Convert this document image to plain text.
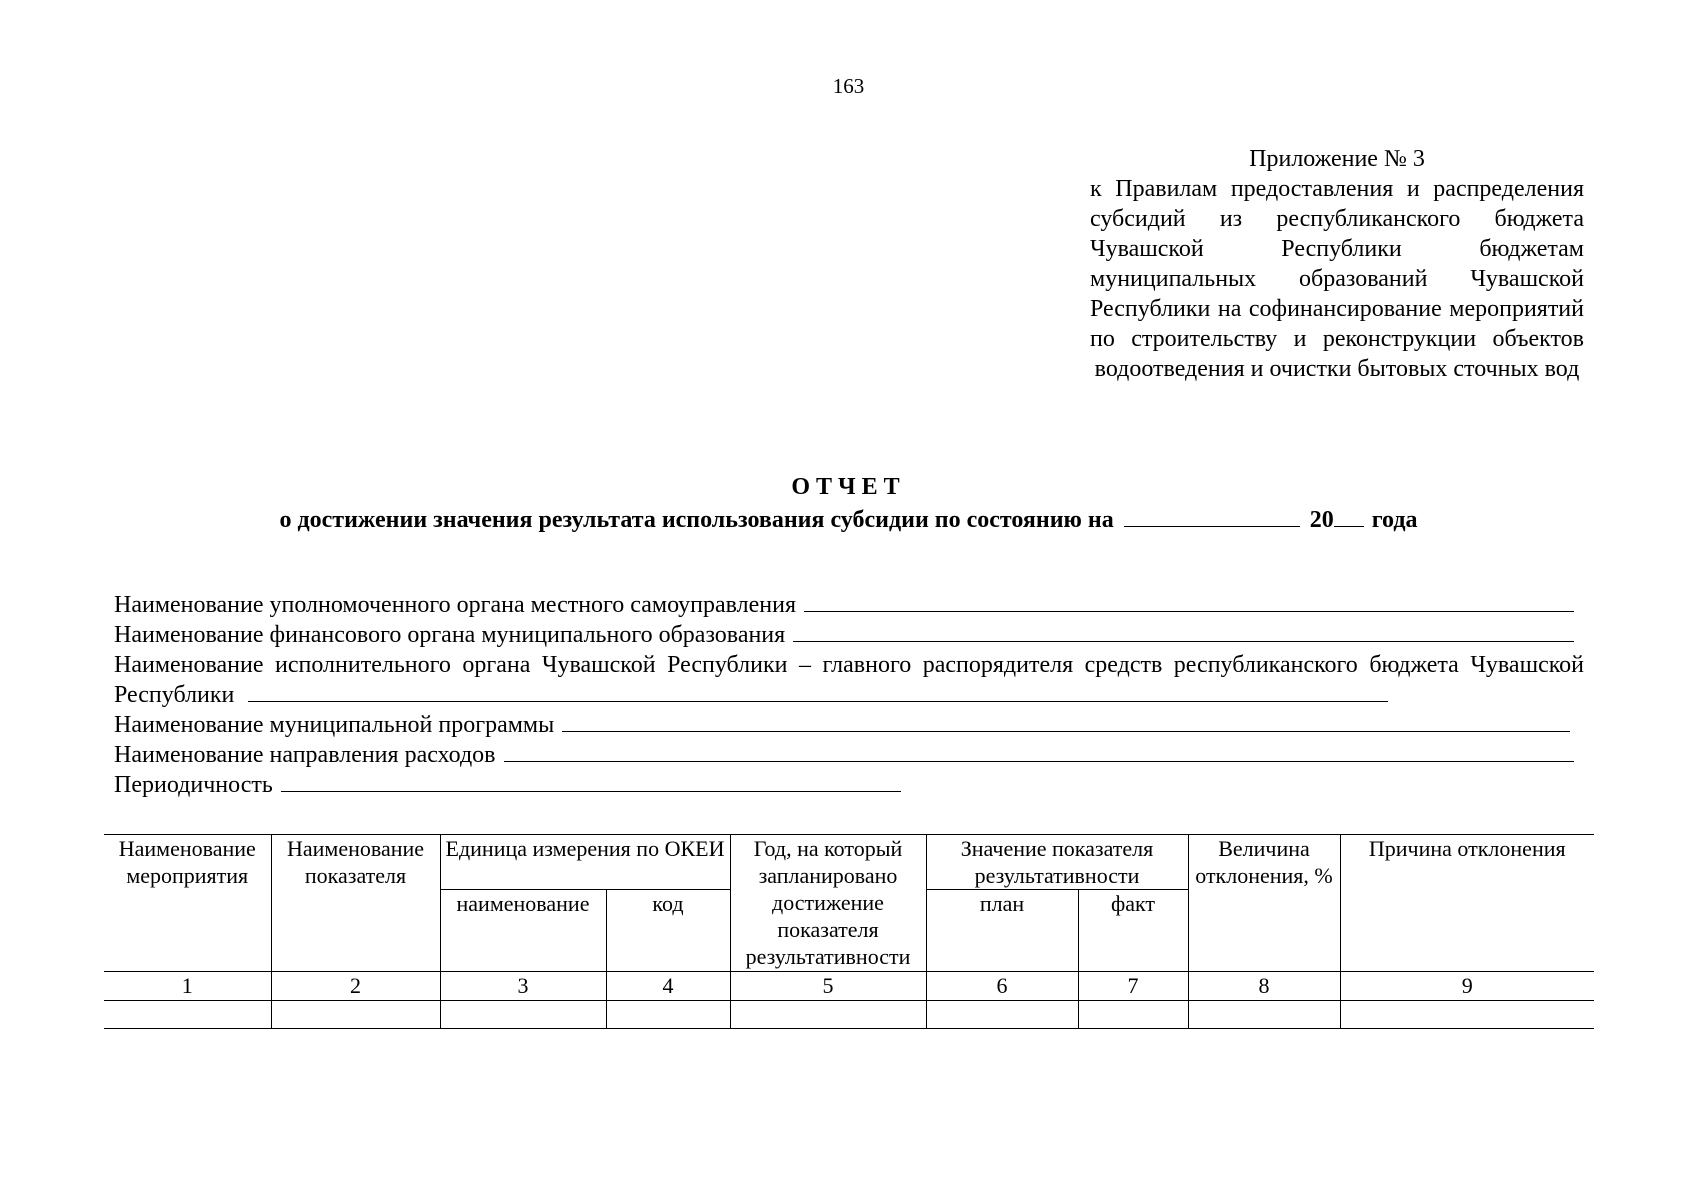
163
Приложение № 3
к Правилам предоставления и распределения субсидий из республиканского бюджета Чувашской Республики бюджетам муниципальных образований Чувашской Республики на софинансирование мероприятий по строительству и реконструкции объектов водоотведения и очистки бытовых сточных вод
ОТЧЕТ
о достижении значения результата использования субсидии по состоянию на	20 года
Наименование уполномоченного органа местного самоуправления
Наименование финансового органа муниципального образования
Наименование исполнительного органа Чувашской Республики – главного распорядителя средств республиканского бюджета Чувашской Республики
Наименование муниципальной программы
Наименование направления расходов
Периодичность
Наименование мероприятия	Наименование показателя	Единица измерения по ОКЕИ		Год, на который запланировано достижение показателя результативности	Значение показателя результативности		Величина отклонения, %	Причина отклонения
		наименование	код		план	факт		
1	2	3	4	5	6	7	8	9
